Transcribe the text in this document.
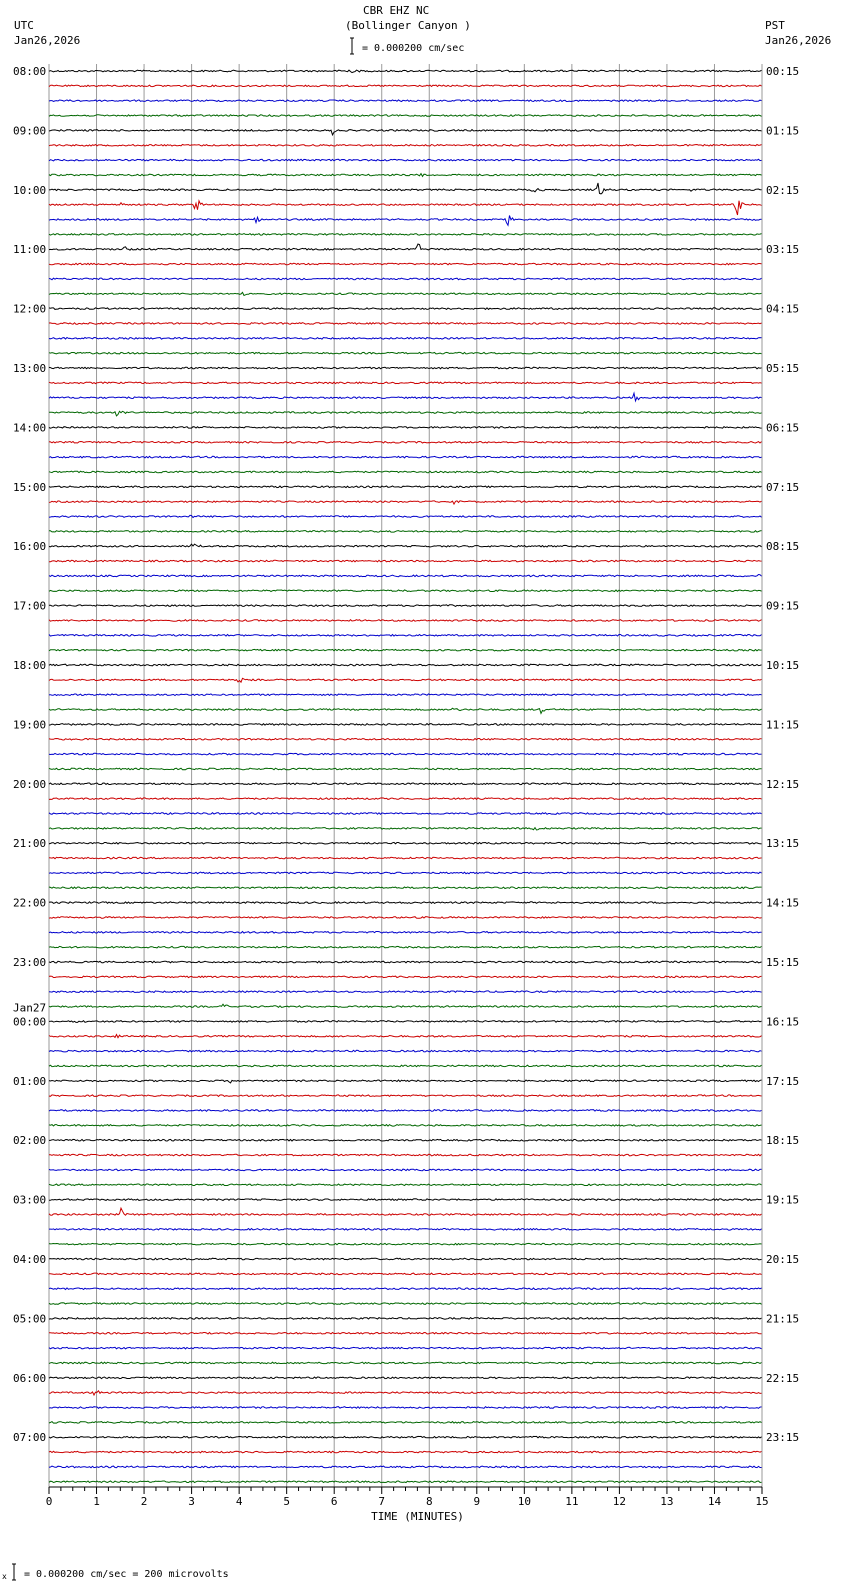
CBR EHZ NC
(Bollinger Canyon )
UTC
Jan26,2026
PST
Jan26,2026
= 0.000200 cm/sec
= 0.000200 cm/sec = 200 microvolts
08:00
09:00
10:00
11:00
12:00
13:00
14:00
15:00
16:00
17:00
18:00
19:00
20:00
21:00
22:00
23:00
00:00
Jan27
01:00
02:00
03:00
04:00
05:00
06:00
07:00
00:15
01:15
02:15
03:15
04:15
05:15
06:15
07:15
08:15
09:15
10:15
11:15
12:15
13:15
14:15
15:15
16:15
17:15
18:15
19:15
20:15
21:15
22:15
23:15
0	1	2	3	4	5	6	7	8	9	10	11	12	13	14	15
TIME (MINUTES)
x
